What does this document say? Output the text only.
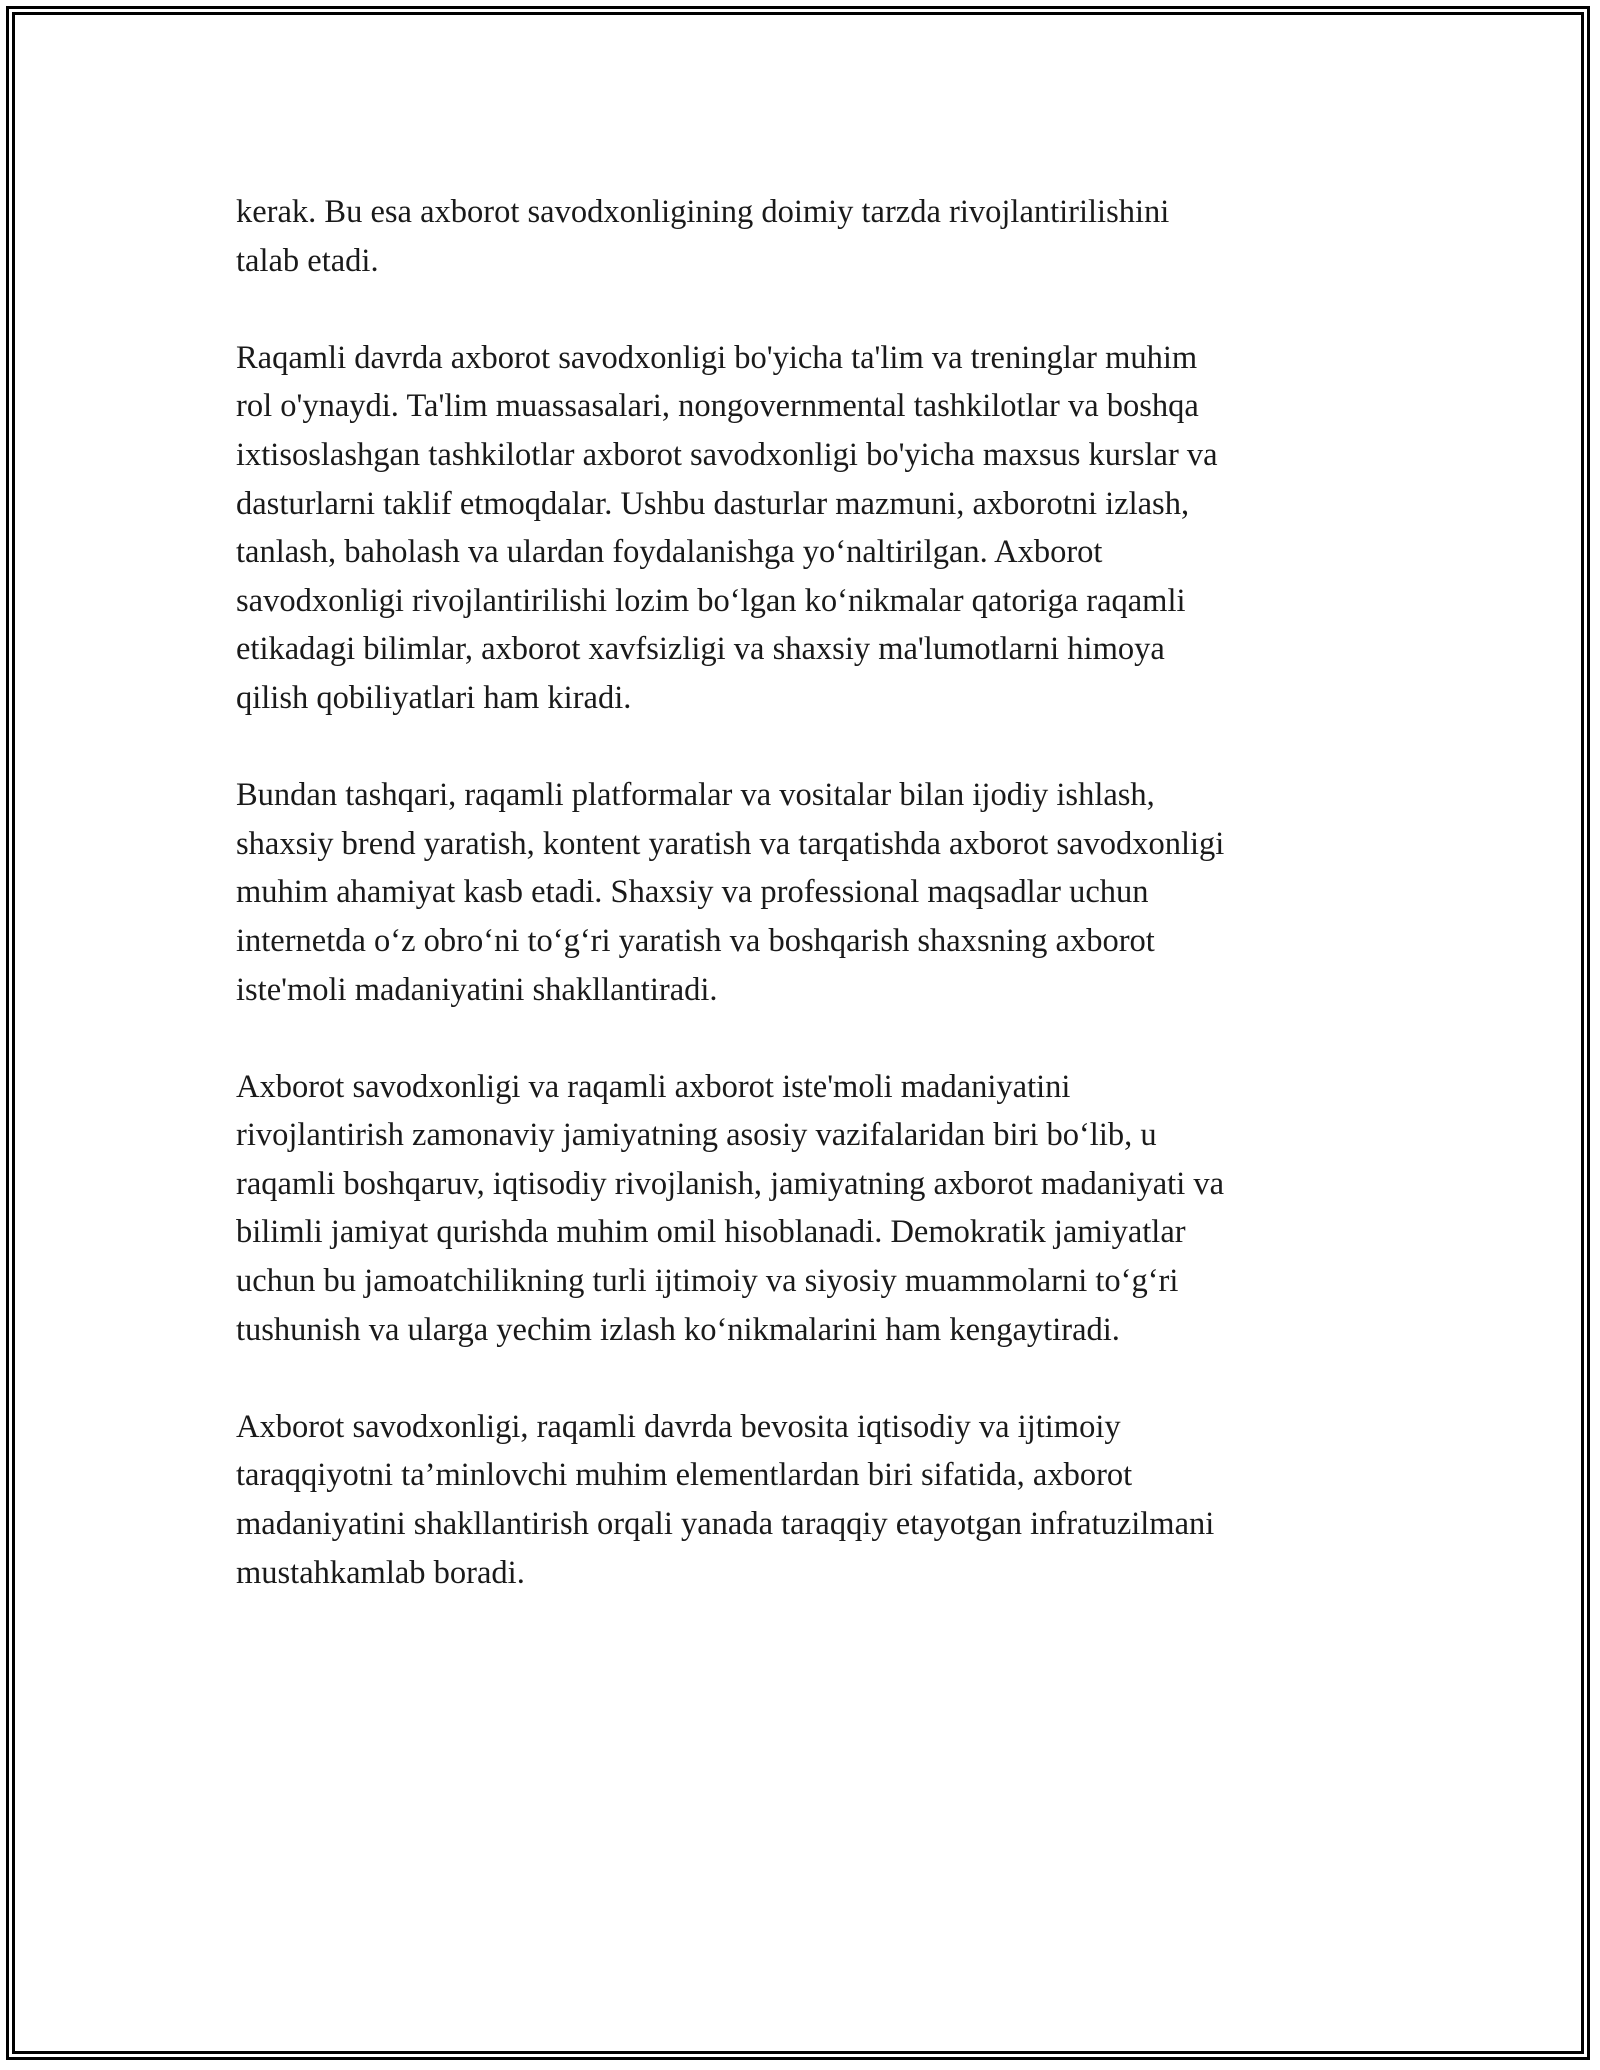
kerak. Bu esa axborot savodxonligining doimiy tarzda rivojlantirilishini
talab etadi.

Raqamli davrda axborot savodxonligi bo'yicha ta'lim va treninglar muhim
rol o'ynaydi. Ta'lim muassasalari, nongovernmental tashkilotlar va boshqa
ixtisoslashgan tashkilotlar axborot savodxonligi bo'yicha maxsus kurslar va
dasturlarni taklif etmoqdalar. Ushbu dasturlar mazmuni, axborotni izlash,
tanlash, baholash va ulardan foydalanishga yo‘naltirilgan. Axborot
savodxonligi rivojlantirilishi lozim bo‘lgan ko‘nikmalar qatoriga raqamli
etikadagi bilimlar, axborot xavfsizligi va shaxsiy ma'lumotlarni himoya
qilish qobiliyatlari ham kiradi.

Bundan tashqari, raqamli platformalar va vositalar bilan ijodiy ishlash,
shaxsiy brend yaratish, kontent yaratish va tarqatishda axborot savodxonligi
muhim ahamiyat kasb etadi. Shaxsiy va professional maqsadlar uchun
internetda o‘z obro‘ni to‘g‘ri yaratish va boshqarish shaxsning axborot
iste'moli madaniyatini shakllantiradi.

Axborot savodxonligi va raqamli axborot iste'moli madaniyatini
rivojlantirish zamonaviy jamiyatning asosiy vazifalaridan biri bo‘lib, u
raqamli boshqaruv, iqtisodiy rivojlanish, jamiyatning axborot madaniyati va
bilimli jamiyat qurishda muhim omil hisoblanadi. Demokratik jamiyatlar
uchun bu jamoatchilikning turli ijtimoiy va siyosiy muammolarni to‘g‘ri
tushunish va ularga yechim izlash ko‘nikmalarini ham kengaytiradi.

Axborot savodxonligi, raqamli davrda bevosita iqtisodiy va ijtimoiy
taraqqiyotni ta’minlovchi muhim elementlardan biri sifatida, axborot
madaniyatini shakllantirish orqali yanada taraqqiy etayotgan infratuzilmani
mustahkamlab boradi.
